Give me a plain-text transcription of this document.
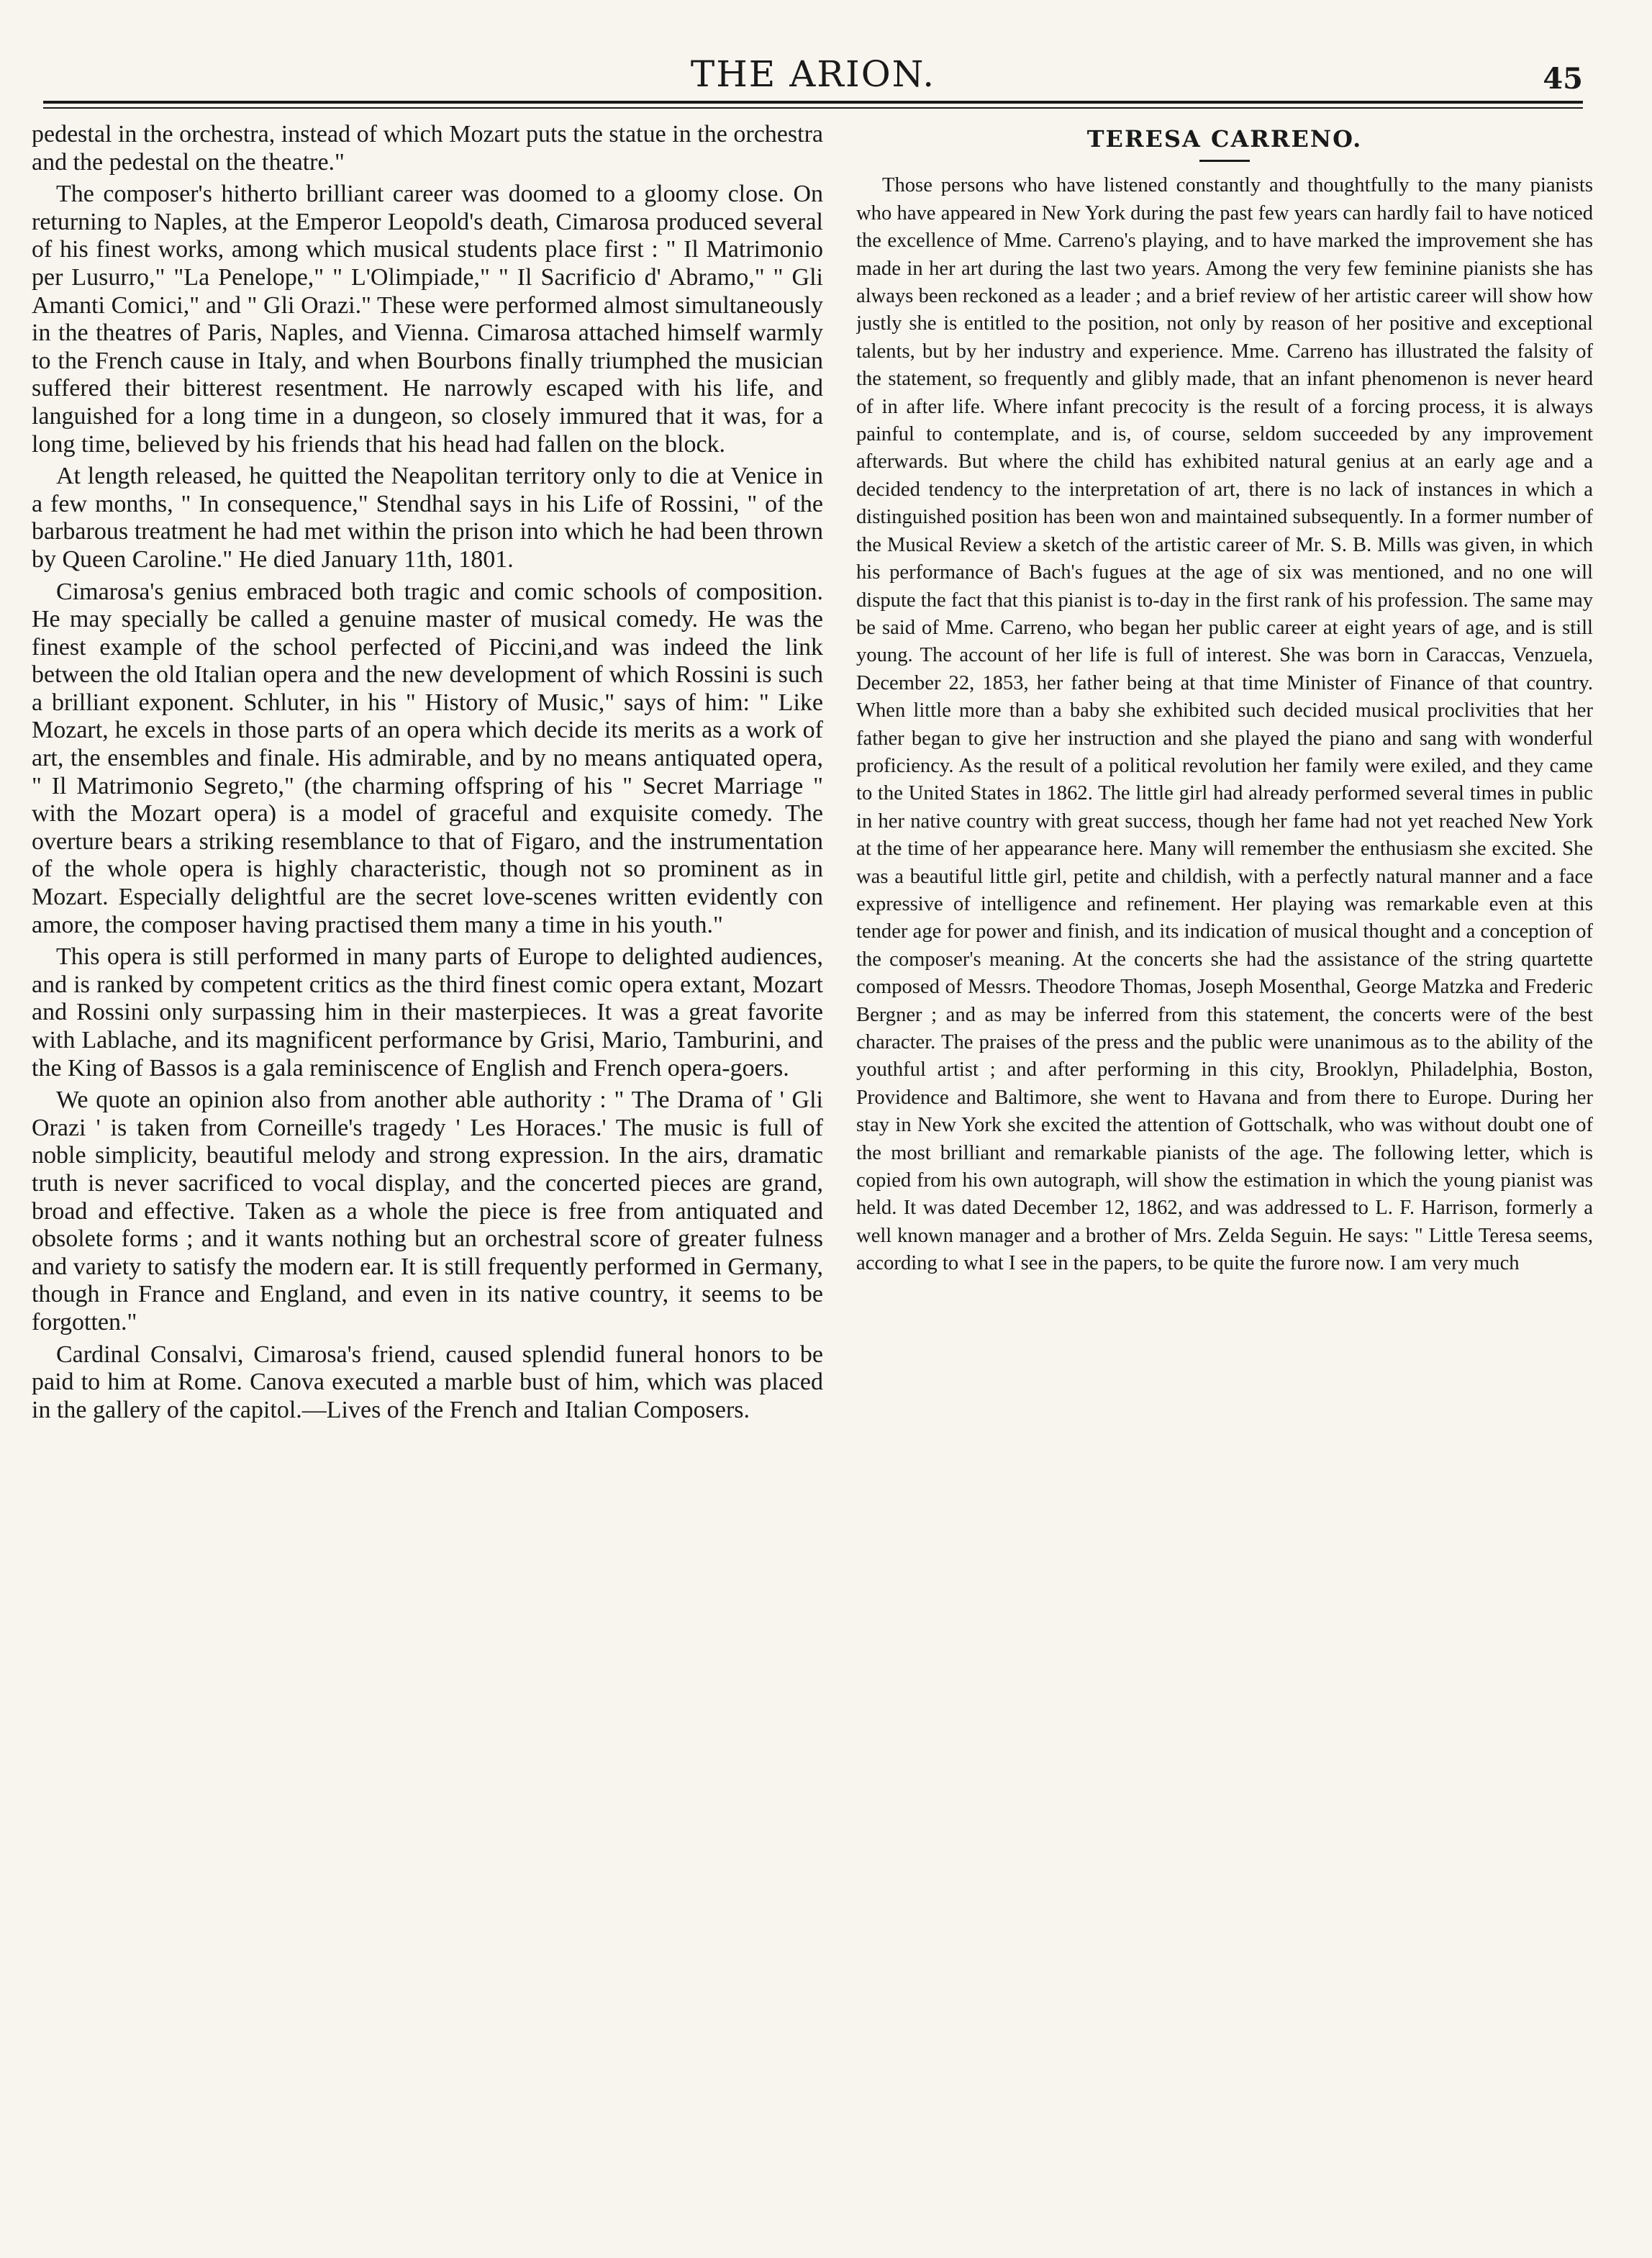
THE ARION.	45

pedestal in the orchestra, instead of which Mozart puts the statue in the orchestra and the pedestal on the theatre."

The composer's hitherto brilliant career was doomed to a gloomy close. On returning to Naples, at the Emperor Leopold's death, Cimarosa produced several of his finest works, among which musical students place first : " Il Matrimonio per Lusurro," "La Penelope," " L'Olimpiade," " Il Sacrificio d' Abramo," " Gli Amanti Comici," and " Gli Orazi." These were performed almost simultaneously in the theatres of Paris, Naples, and Vienna. Cimarosa attached himself warmly to the French cause in Italy, and when Bourbons finally triumphed the musician suffered their bitterest resentment. He narrowly escaped with his life, and languished for a long time in a dungeon, so closely immured that it was, for a long time, believed by his friends that his head had fallen on the block.

At length released, he quitted the Neapolitan territory only to die at Venice in a few months, " In consequence," Stendhal says in his Life of Rossini, " of the barbarous treatment he had met within the prison into which he had been thrown by Queen Caroline." He died January 11th, 1801.

Cimarosa's genius embraced both tragic and comic schools of composition. He may specially be called a genuine master of musical comedy. He was the finest example of the school perfected of Piccini,and was indeed the link between the old Italian opera and the new development of which Rossini is such a brilliant exponent. Schluter, in his " History of Music," says of him: " Like Mozart, he excels in those parts of an opera which decide its merits as a work of art, the ensembles and finale. His admirable, and by no means antiquated opera, " Il Matrimonio Segreto," (the charming offspring of his " Secret Marriage " with the Mozart opera) is a model of graceful and exquisite comedy. The overture bears a striking resemblance to that of Figaro, and the instrumentation of the whole opera is highly characteristic, though not so prominent as in Mozart. Especially delightful are the secret love-scenes written evidently con amore, the composer having practised them many a time in his youth."

This opera is still performed in many parts of Europe to delighted audiences, and is ranked by competent critics as the third finest comic opera extant, Mozart and Rossini only surpassing him in their masterpieces. It was a great favorite with Lablache, and its magnificent performance by Grisi, Mario, Tamburini, and the King of Bassos is a gala reminiscence of English and French opera-goers.

We quote an opinion also from another able authority : " The Drama of ' Gli Orazi ' is taken from Corneille's tragedy ' Les Horaces.' The music is full of noble simplicity, beautiful melody and strong expression. In the airs, dramatic truth is never sacrificed to vocal display, and the concerted pieces are grand, broad and effective. Taken as a whole the piece is free from antiquated and obsolete forms ; and it wants nothing but an orchestral score of greater fulness and variety to satisfy the modern ear. It is still frequently performed in Germany, though in France and England, and even in its native country, it seems to be forgotten."

Cardinal Consalvi, Cimarosa's friend, caused splendid funeral honors to be paid to him at Rome. Canova executed a marble bust of him, which was placed in the gallery of the capitol.—Lives of the French and Italian Composers.

TERESA CARRENO.

Those persons who have listened constantly and thoughtfully to the many pianists who have appeared in New York during the past few years can hardly fail to have noticed the excellence of Mme. Carreno's playing, and to have marked the improvement she has made in her art during the last two years. Among the very few feminine pianists she has always been reckoned as a leader ; and a brief review of her artistic career will show how justly she is entitled to the position, not only by reason of her positive and exceptional talents, but by her industry and experience. Mme. Carreno has illustrated the falsity of the statement, so frequently and glibly made, that an infant phenomenon is never heard of in after life. Where infant precocity is the result of a forcing process, it is always painful to contemplate, and is, of course, seldom succeeded by any improvement afterwards. But where the child has exhibited natural genius at an early age and a decided tendency to the interpretation of art, there is no lack of instances in which a distinguished position has been won and maintained subsequently. In a former number of the Musical Review a sketch of the artistic career of Mr. S. B. Mills was given, in which his performance of Bach's fugues at the age of six was mentioned, and no one will dispute the fact that this pianist is to-day in the first rank of his profession. The same may be said of Mme. Carreno, who began her public career at eight years of age, and is still young. The account of her life is full of interest. She was born in Caraccas, Venzuela, December 22, 1853, her father being at that time Minister of Finance of that country. When little more than a baby she exhibited such decided musical proclivities that her father began to give her instruction and she played the piano and sang with wonderful proficiency. As the result of a political revolution her family were exiled, and they came to the United States in 1862. The little girl had already performed several times in public in her native country with great success, though her fame had not yet reached New York at the time of her appearance here. Many will remember the enthusiasm she excited. She was a beautiful little girl, petite and childish, with a perfectly natural manner and a face expressive of intelligence and refinement. Her playing was remarkable even at this tender age for power and finish, and its indication of musical thought and a conception of the composer's meaning. At the concerts she had the assistance of the string quartette composed of Messrs. Theodore Thomas, Joseph Mosenthal, George Matzka and Frederic Bergner ; and as may be inferred from this statement, the concerts were of the best character. The praises of the press and the public were unanimous as to the ability of the youthful artist ; and after performing in this city, Brooklyn, Philadelphia, Boston, Providence and Baltimore, she went to Havana and from there to Europe. During her stay in New York she excited the attention of Gottschalk, who was without doubt one of the most brilliant and remarkable pianists of the age. The following letter, which is copied from his own autograph, will show the estimation in which the young pianist was held. It was dated December 12, 1862, and was addressed to L. F. Harrison, formerly a well known manager and a brother of Mrs. Zelda Seguin. He says: " Little Teresa seems, according to what I see in the papers, to be quite the furore now. I am very much
